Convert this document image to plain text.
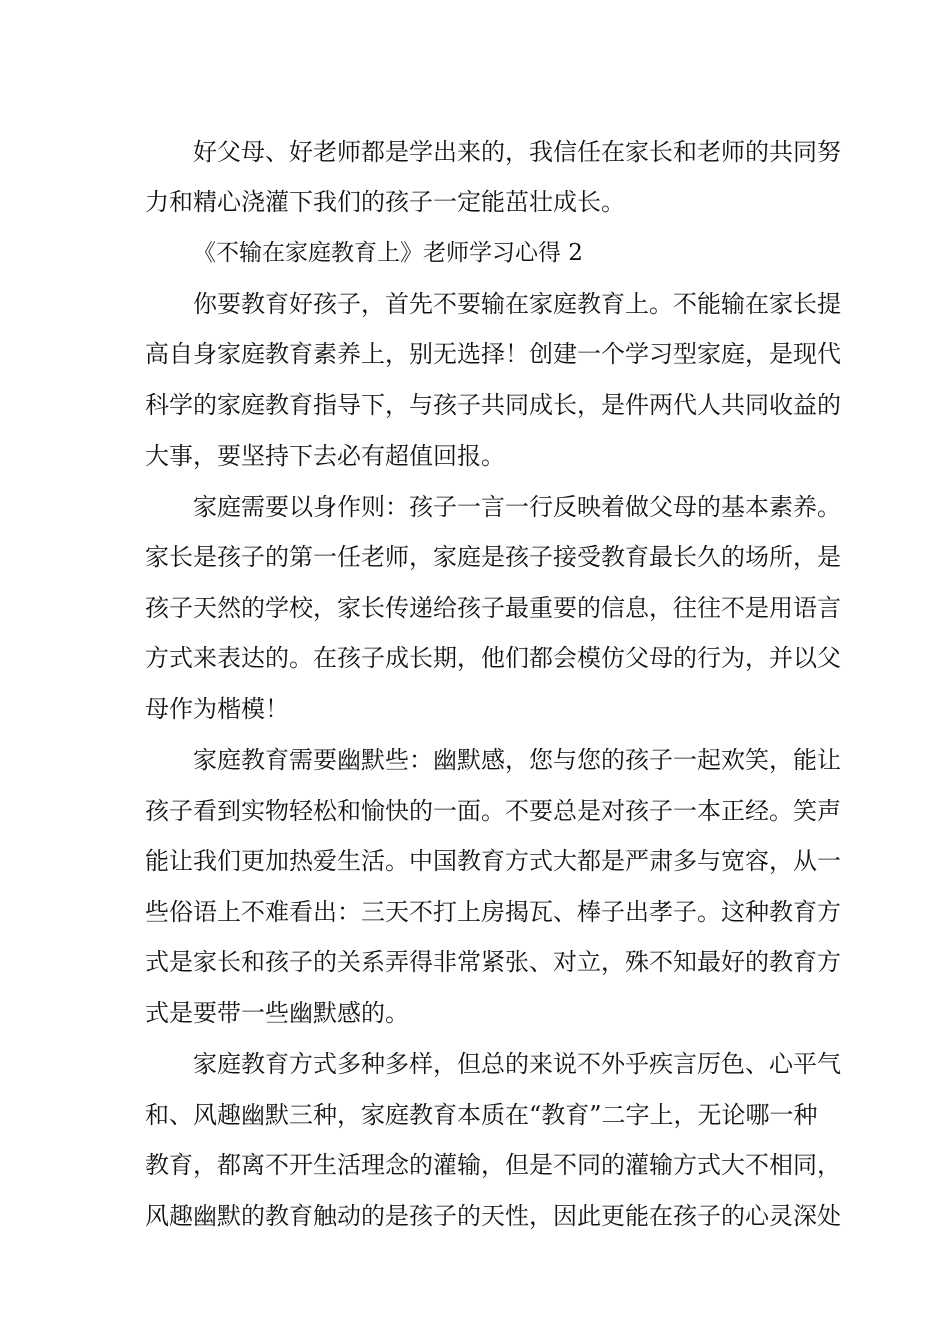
好父母、好老师都是学出来的，我信任在家长和老师的共同努
力和精心浇灌下我们的孩子一定能茁壮成长。
《不输在家庭教育上》老师学习心得 2
你要教育好孩子，首先不要输在家庭教育上。不能输在家长提
高自身家庭教育素养上，别无选择！创建一个学习型家庭，是现代
科学的家庭教育指导下，与孩子共同成长，是件两代人共同收益的
大事，要坚持下去必有超值回报。
家庭需要以身作则：孩子一言一行反映着做父母的基本素养。
家长是孩子的第一任老师，家庭是孩子接受教育最长久的场所，是
孩子天然的学校，家长传递给孩子最重要的信息，往往不是用语言
方式来表达的。在孩子成长期，他们都会模仿父母的行为，并以父
母作为楷模！
家庭教育需要幽默些：幽默感，您与您的孩子一起欢笑，能让
孩子看到实物轻松和愉快的一面。不要总是对孩子一本正经。笑声
能让我们更加热爱生活。中国教育方式大都是严肃多与宽容，从一
些俗语上不难看出：三天不打上房揭瓦、棒子出孝子。这种教育方
式是家长和孩子的关系弄得非常紧张、对立，殊不知最好的教育方
式是要带一些幽默感的。
家庭教育方式多种多样，但总的来说不外乎疾言厉色、心平气
和、风趣幽默三种，家庭教育本质在“教育”二字上，无论哪一种
教育，都离不开生活理念的灌输，但是不同的灌输方式大不相同，
风趣幽默的教育触动的是孩子的天性，因此更能在孩子的心灵深处
